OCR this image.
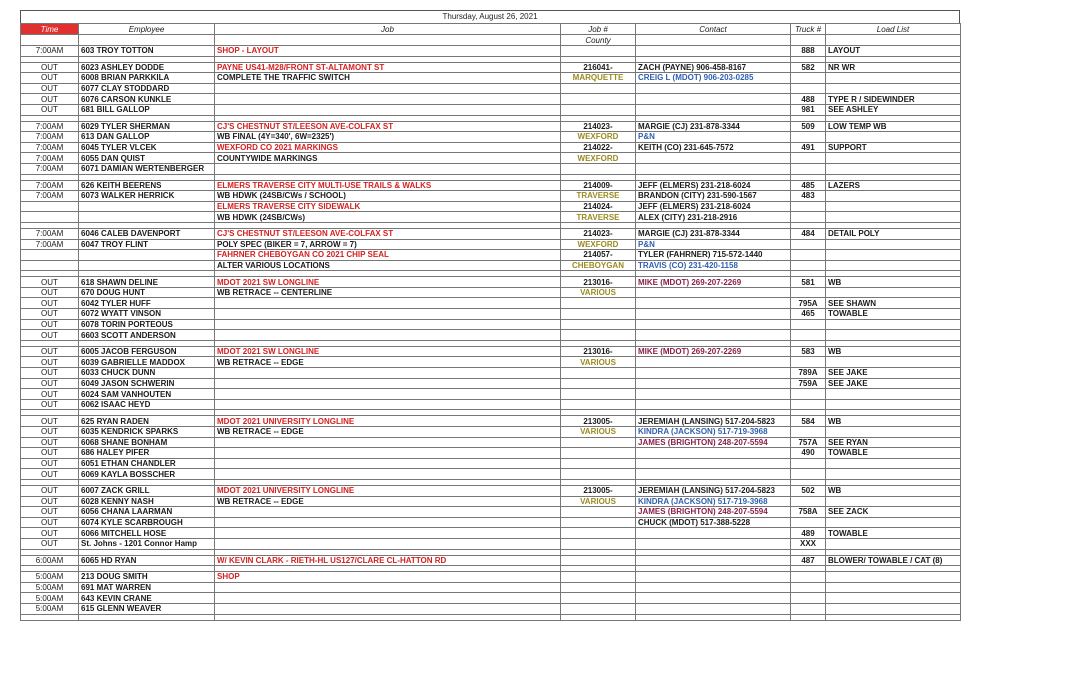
Thursday, August 26, 2021
Time	Employee	Job	Job #	Contact	Truck #	Load List
			County			
7:00AM	603 TROY TOTTON	SHOP - LAYOUT			888	LAYOUT

OUT	6023 ASHLEY DODDE	PAYNE US41-M28/FRONT ST-ALTAMONT ST	216041-	ZACH (PAYNE) 906-458-8167	582	NR WR
OUT	6008 BRIAN PARKKILA	COMPLETE THE TRAFFIC SWITCH	MARQUETTE	CREIG L (MDOT) 906-203-0285		
OUT	6077 CLAY STODDARD					
OUT	6076 CARSON KUNKLE				488	TYPE R / SIDEWINDER
OUT	681 BILL GALLOP				981	SEE ASHLEY

7:00AM	6029 TYLER SHERMAN	CJ'S CHESTNUT ST/LEESON AVE-COLFAX ST	214023-	MARGIE (CJ) 231-878-3344	509	LOW TEMP WB
7:00AM	613 DAN GALLOP	WB FINAL (4Y=340', 6W=2325')	WEXFORD	P&N		
7:00AM	6045 TYLER VLCEK	WEXFORD CO 2021 MARKINGS	214022-	KEITH (CO) 231-645-7572	491	SUPPORT
7:00AM	6055 DAN QUIST	COUNTYWIDE MARKINGS	WEXFORD			
7:00AM	6071 DAMIAN WERTENBERGER					

7:00AM	626 KEITH BEERENS	ELMERS TRAVERSE CITY MULTI-USE TRAILS & WALKS	214009-	JEFF (ELMERS) 231-218-6024	485	LAZERS
7:00AM	6073 WALKER HERRICK	WB HDWK (24SB/CWs / SCHOOL)	TRAVERSE	BRANDON (CITY) 231-590-1567	483	
		ELMERS TRAVERSE CITY SIDEWALK	214024-	JEFF (ELMERS) 231-218-6024		
		WB HDWK (24SB/CWs)	TRAVERSE	ALEX (CITY) 231-218-2916		

7:00AM	6046 CALEB DAVENPORT	CJ'S CHESTNUT ST/LEESON AVE-COLFAX ST	214023-	MARGIE (CJ) 231-878-3344	484	DETAIL POLY
7:00AM	6047 TROY FLINT	POLY SPEC (BIKER = 7, ARROW = 7)	WEXFORD	P&N		
		FAHRNER CHEBOYGAN CO 2021 CHIP SEAL	214057-	TYLER (FAHRNER) 715-572-1440		
		ALTER VARIOUS LOCATIONS	CHEBOYGAN	TRAVIS (CO) 231-420-1158		

OUT	618 SHAWN DELINE	MDOT 2021 SW LONGLINE	213016-	MIKE (MDOT) 269-207-2269	581	WB
OUT	670 DOUG HUNT	WB RETRACE -- CENTERLINE	VARIOUS			
OUT	6042 TYLER HUFF				795A	SEE SHAWN
OUT	6072 WYATT VINSON				465	TOWABLE
OUT	6078 TORIN PORTEOUS					
OUT	6603 SCOTT ANDERSON					

OUT	6005 JACOB FERGUSON	MDOT 2021 SW LONGLINE	213016-	MIKE (MDOT) 269-207-2269	583	WB
OUT	6039 GABRIELLE MADDOX	WB RETRACE -- EDGE	VARIOUS			
OUT	6033 CHUCK DUNN				789A	SEE JAKE
OUT	6049 JASON SCHWERIN				759A	SEE JAKE
OUT	6024 SAM VANHOUTEN					
OUT	6062 ISAAC HEYD					

OUT	625 RYAN RADEN	MDOT 2021 UNIVERSITY LONGLINE	213005-	JEREMIAH (LANSING) 517-204-5823	584	WB
OUT	6035 KENDRICK SPARKS	WB RETRACE -- EDGE	VARIOUS	KINDRA (JACKSON) 517-719-3968		
OUT	6068 SHANE BONHAM			JAMES (BRIGHTON) 248-207-5594	757A	SEE RYAN
OUT	686 HALEY PIFER				490	TOWABLE
OUT	6051 ETHAN CHANDLER					
OUT	6069 KAYLA BOSSCHER					

OUT	6007 ZACK GRILL	MDOT 2021 UNIVERSITY LONGLINE	213005-	JEREMIAH (LANSING) 517-204-5823	502	WB
OUT	6028 KENNY NASH	WB RETRACE -- EDGE	VARIOUS	KINDRA (JACKSON) 517-719-3968		
OUT	6056 CHANA LAARMAN			JAMES (BRIGHTON) 248-207-5594	758A	SEE ZACK
OUT	6074 KYLE SCARBROUGH			CHUCK (MDOT) 517-388-5228		
OUT	6066 MITCHELL HOSE				489	TOWABLE
OUT	St. Johns - 1201 Connor Hamp				XXX	

6:00AM	6065 HD RYAN	W/ KEVIN CLARK - RIETH-HL US127/CLARE CL-HATTON RD			487	BLOWER/ TOWABLE / CAT (8)

5:00AM	213 DOUG SMITH	SHOP				
5:00AM	691 MAT WARREN					
5:00AM	643 KEVIN CRANE					
5:00AM	615 GLENN WEAVER					
